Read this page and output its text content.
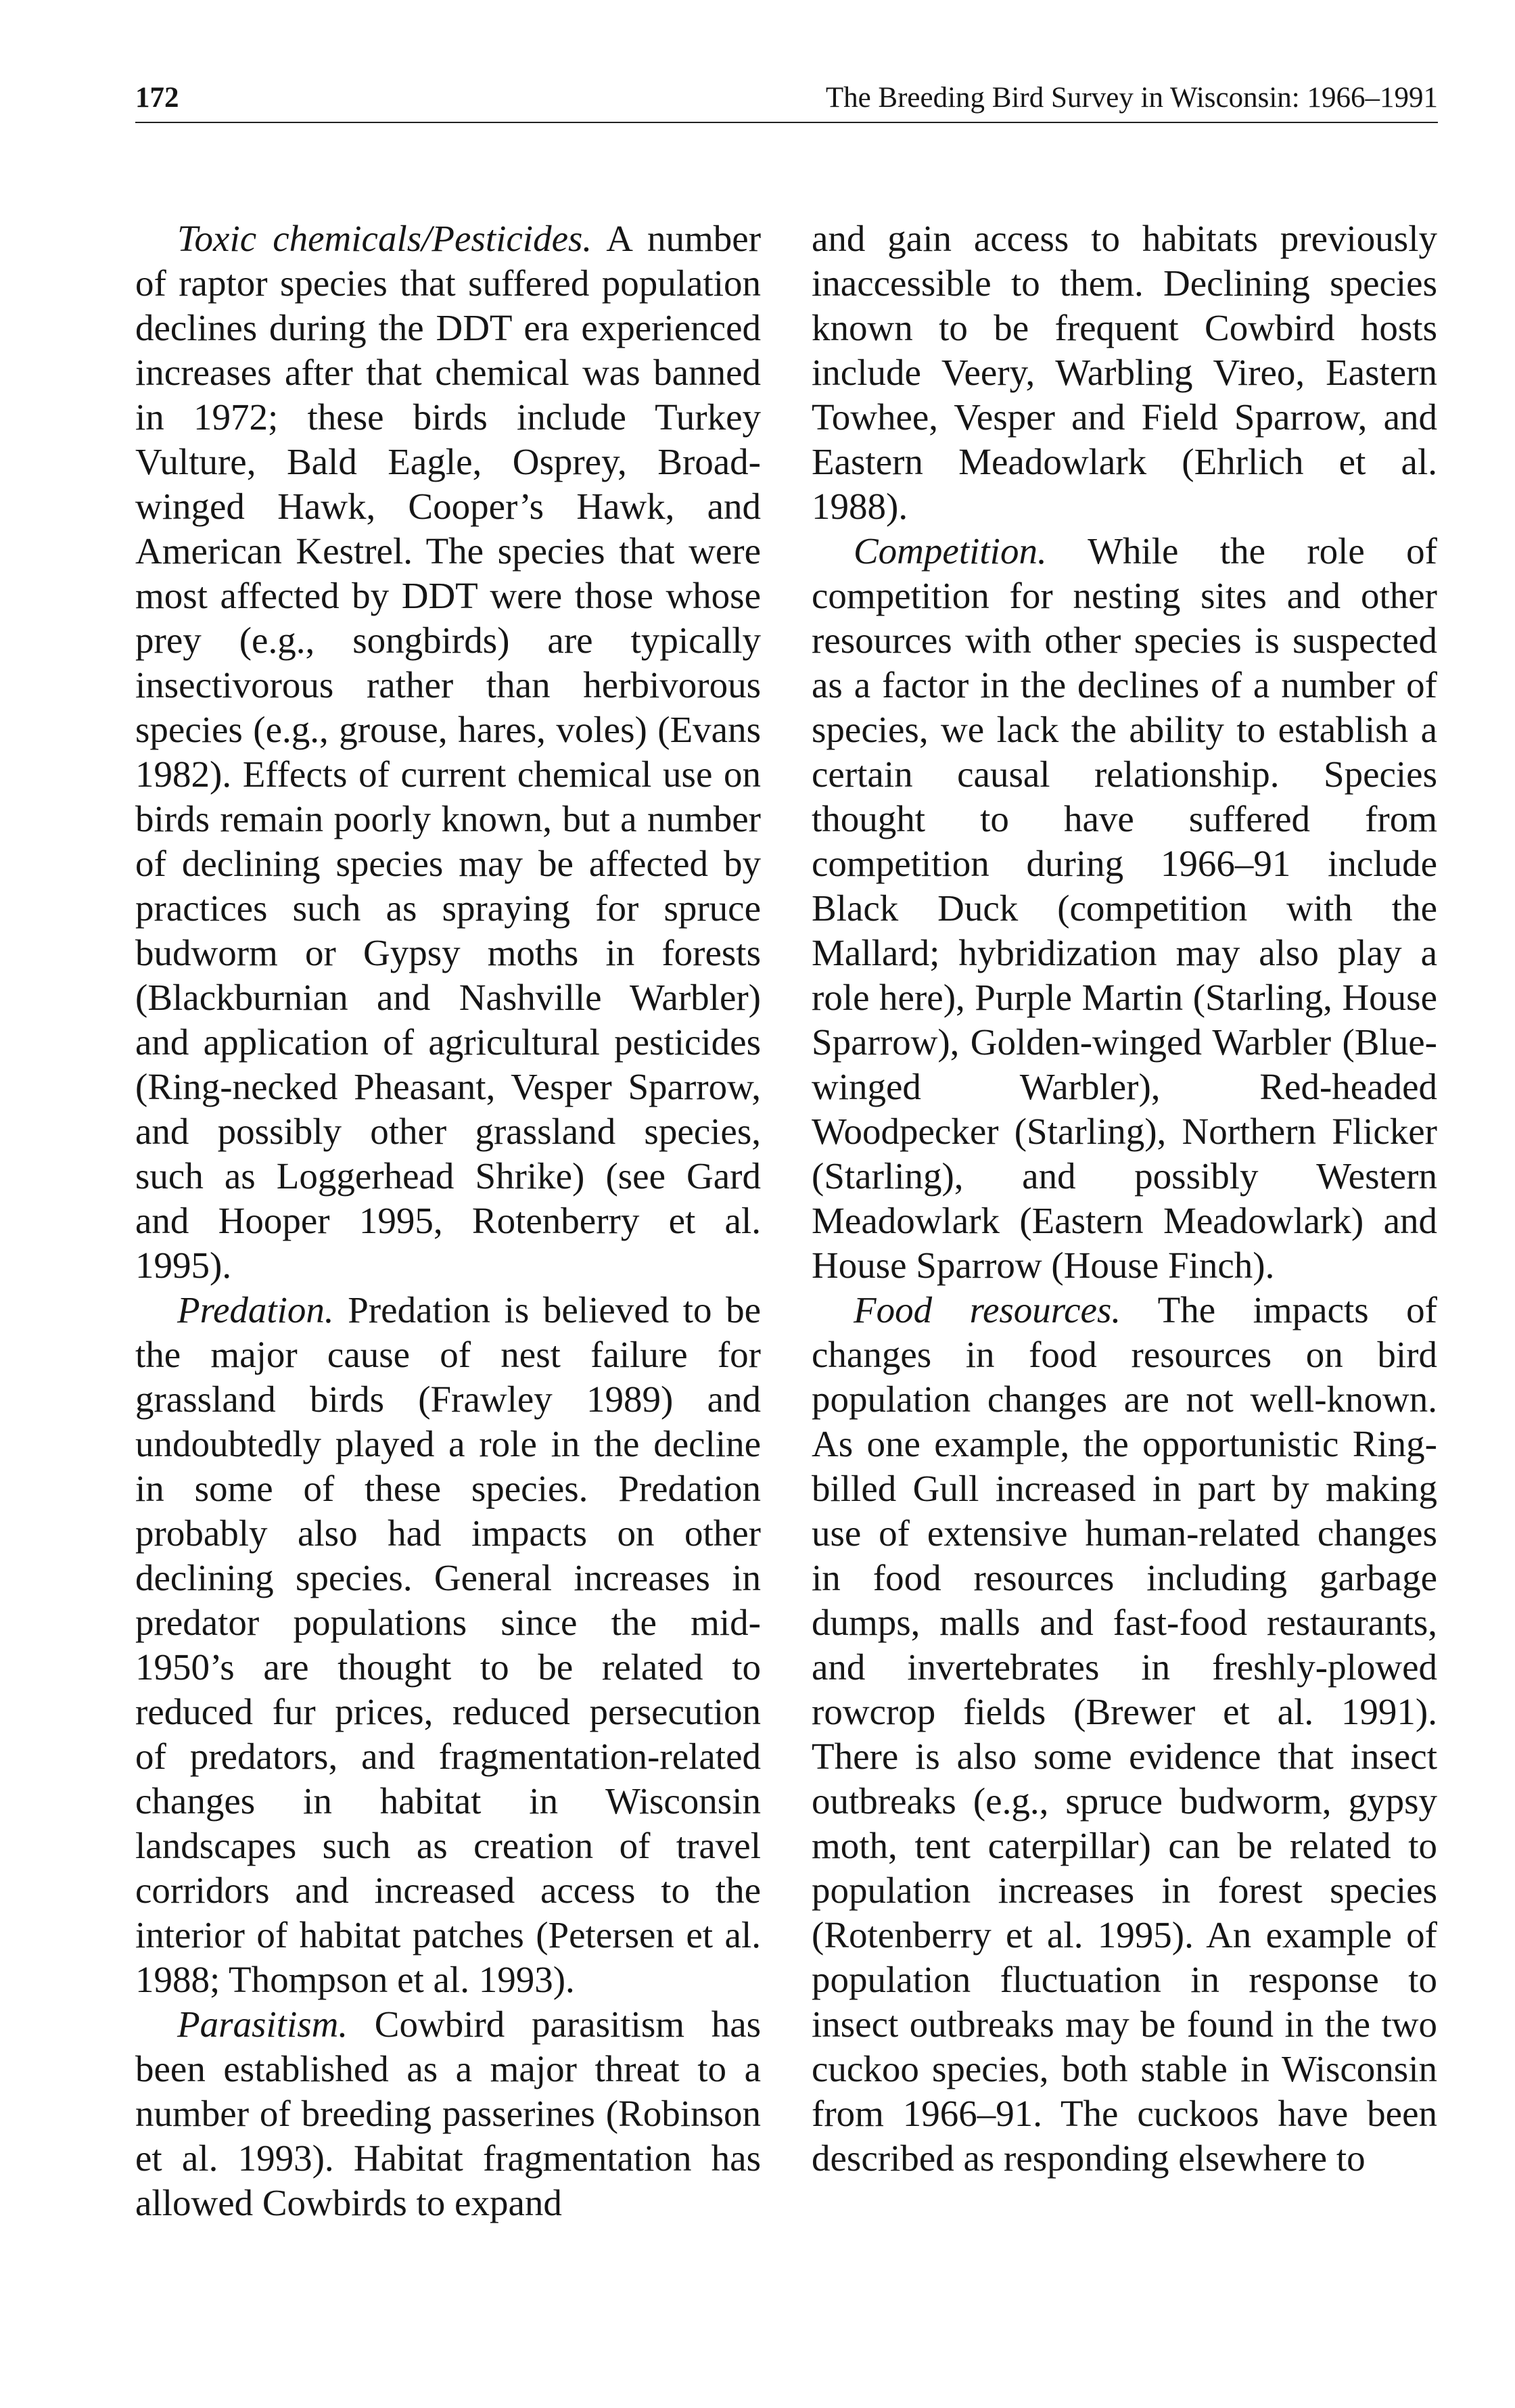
172	The Breeding Bird Survey in Wisconsin: 1966–1991

Toxic chemicals/Pesticides. A number of raptor species that suffered population declines during the DDT era experienced increases after that chemical was banned in 1972; these birds include Turkey Vulture, Bald Eagle, Osprey, Broad-winged Hawk, Cooper’s Hawk, and American Kestrel. The species that were most affected by DDT were those whose prey (e.g., songbirds) are typically insectivorous rather than herbivorous species (e.g., grouse, hares, voles) (Evans 1982). Effects of current chemical use on birds remain poorly known, but a number of declining species may be affected by practices such as spraying for spruce budworm or Gypsy moths in forests (Blackburnian and Nashville Warbler) and application of agricultural pesticides (Ring-necked Pheasant, Vesper Sparrow, and possibly other grassland species, such as Loggerhead Shrike) (see Gard and Hooper 1995, Rotenberry et al. 1995).

Predation. Predation is believed to be the major cause of nest failure for grassland birds (Frawley 1989) and undoubtedly played a role in the decline in some of these species. Predation probably also had impacts on other declining species. General increases in predator populations since the mid-1950’s are thought to be related to reduced fur prices, reduced persecution of predators, and fragmentation-related changes in habitat in Wisconsin landscapes such as creation of travel corridors and increased access to the interior of habitat patches (Petersen et al. 1988; Thompson et al. 1993).

Parasitism. Cowbird parasitism has been established as a major threat to a number of breeding passerines (Robinson et al. 1993). Habitat fragmentation has allowed Cowbirds to expand

and gain access to habitats previously inaccessible to them. Declining species known to be frequent Cowbird hosts include Veery, Warbling Vireo, Eastern Towhee, Vesper and Field Sparrow, and Eastern Meadowlark (Ehrlich et al. 1988).

Competition. While the role of competition for nesting sites and other resources with other species is suspected as a factor in the declines of a number of species, we lack the ability to establish a certain causal relationship. Species thought to have suffered from competition during 1966–91 include Black Duck (competition with the Mallard; hybridization may also play a role here), Purple Martin (Starling, House Sparrow), Golden-winged Warbler (Blue-winged Warbler), Red-headed Woodpecker (Starling), Northern Flicker (Starling), and possibly Western Meadowlark (Eastern Meadowlark) and House Sparrow (House Finch).

Food resources. The impacts of changes in food resources on bird population changes are not well-known. As one example, the opportunistic Ring-billed Gull increased in part by making use of extensive human-related changes in food resources including garbage dumps, malls and fast-food restaurants, and invertebrates in freshly-plowed rowcrop fields (Brewer et al. 1991). There is also some evidence that insect outbreaks (e.g., spruce budworm, gypsy moth, tent caterpillar) can be related to population increases in forest species (Rotenberry et al. 1995). An example of population fluctuation in response to insect outbreaks may be found in the two cuckoo species, both stable in Wisconsin from 1966–91. The cuckoos have been described as responding elsewhere to
